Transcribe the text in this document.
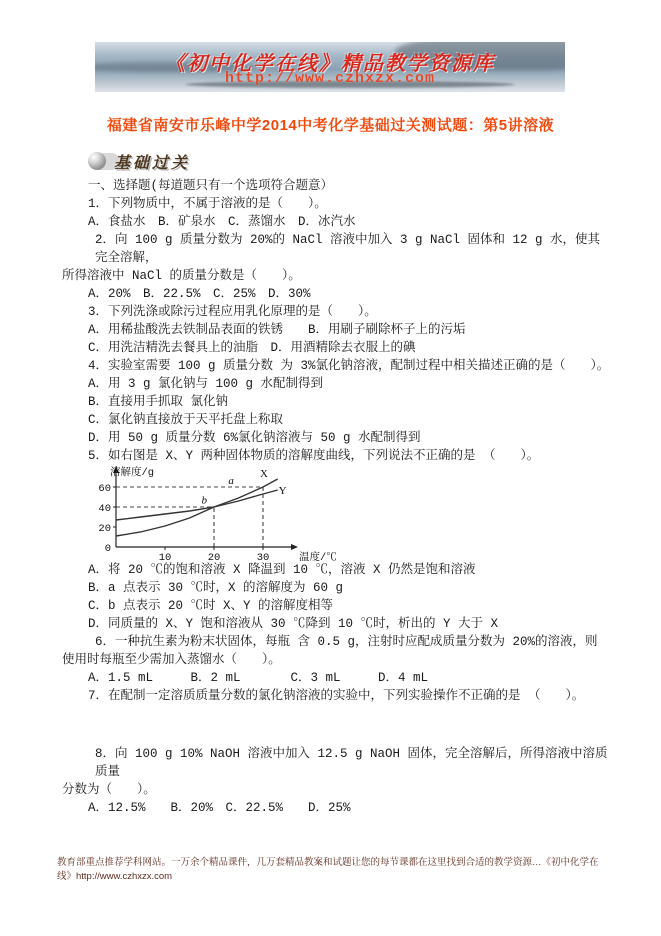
《初中化学在线》精品教学资源库
http://www.czhxzx.com
福建省南安市乐峰中学2014中考化学基础过关测试题：第5讲溶液
基础过关
一、选择题(每道题只有一个选项符合题意）
1．下列物质中，不属于溶液的是（　　）。
A．食盐水　B．矿泉水　C．蒸馏水　D．冰汽水
2．向 100 g 质量分数为 20%的 NaCl 溶液中加入 3 g NaCl 固体和 12 g 水，使其完全溶解，
所得溶液中 NaCl 的质量分数是（　　）。
A．20%　B．22.5%　C．25%　D．30%
3．下列洗涤或除污过程应用乳化原理的是（　　）。
A．用稀盐酸洗去铁制品表面的铁锈　　B．用刷子刷除杯子上的污垢
C．用洗洁精洗去餐具上的油脂　D．用酒精除去衣服上的碘
4．实验室需要 100 g 质量分数 为 3%氯化钠溶液，配制过程中相关描述正确的是（　　）。
A．用 3 g 氯化钠与 100 g 水配制得到
B．直接用手抓取 氯化钠
C．氯化钠直接放于天平托盘上称取
D．用 50 g 质量分数 6%氯化钠溶液与 50 g 水配制得到
5．如右图是 X、Y 两种固体物质的溶解度曲线，下列说法不正确的是 （　　）。
0
20
40
60
10	20	30
a
b
X
Y
溶解度/g
温度/℃
A．将 20 ℃的饱和溶液 X 降温到 10 ℃，溶液 X 仍然是饱和溶液
B．a 点表示 30 ℃时，X 的溶解度为 60 g
C．b 点表示 20 ℃时 X、Y 的溶解度相等
D．同质量的 X、Y 饱和溶液从 30 ℃降到 10 ℃时，析出的 Y 大于 X
6．一种抗生素为粉末状固体，每瓶 含 0.5 g，注射时应配成质量分数为 20%的溶液，则
使用时每瓶至少需加入蒸馏水（　　）。
A．1.5 mL　　　B．2 mL　　　　C．3 mL　　　D．4 mL
7．在配制一定溶质质量分数的氯化钠溶液的实验中，下列实验操作不正确的是 （　　）。
8．向 100 g 10% NaOH 溶液中加入 12.5 g NaOH 固体，完全溶解后，所得溶液中溶质质量
分数为（　　）。
A．12.5%　　B．20%　C．22.5%　　D．25%
教育部重点推荐学科网站。一万余个精品课件，几万套精品教案和试题让您的每节课都在这里找到合适的教学资源…《初中化学在线》http://www.czhxzx.com
